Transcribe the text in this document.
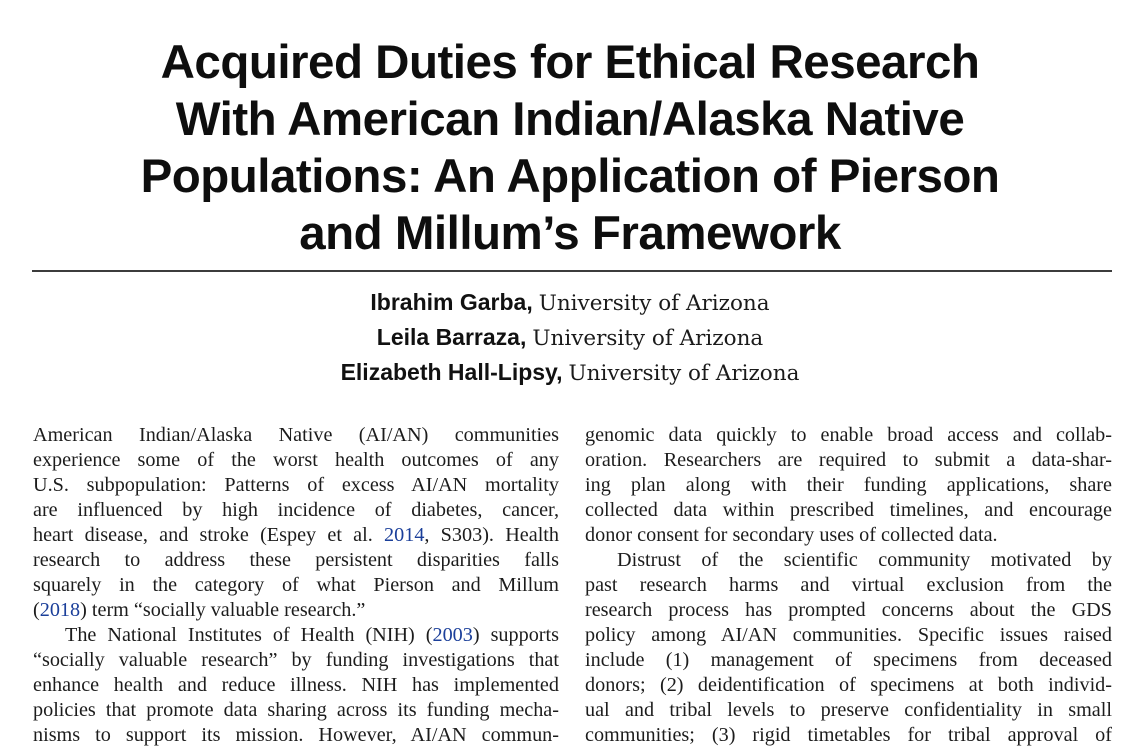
Acquired Duties for Ethical Research
With American Indian/Alaska Native
Populations: An Application of Pierson
and Millum’s Framework
Ibrahim Garba, University of Arizona
Leila Barraza, University of Arizona
Elizabeth Hall-Lipsy, University of Arizona
American Indian/Alaska Native (AI/AN) communities
experience some of the worst health outcomes of any
U.S. subpopulation: Patterns of excess AI/AN mortality
are influenced by high incidence of diabetes, cancer,
heart disease, and stroke (Espey et al. 2014, S303). Health
research to address these persistent disparities falls
squarely in the category of what Pierson and Millum
(2018) term “socially valuable research.”
The National Institutes of Health (NIH) (2003) supports
“socially valuable research” by funding investigations that
enhance health and reduce illness. NIH has implemented
policies that promote data sharing across its funding mecha-
nisms to support its mission. However, AI/AN commun-
genomic data quickly to enable broad access and collab-
oration. Researchers are required to submit a data-shar-
ing plan along with their funding applications, share
collected data within prescribed timelines, and encourage
donor consent for secondary uses of collected data.
Distrust of the scientific community motivated by
past research harms and virtual exclusion from the
research process has prompted concerns about the GDS
policy among AI/AN communities. Specific issues raised
include (1) management of specimens from deceased
donors; (2) deidentification of specimens at both individ-
ual and tribal levels to preserve confidentiality in small
communities; (3) rigid timetables for tribal approval of
